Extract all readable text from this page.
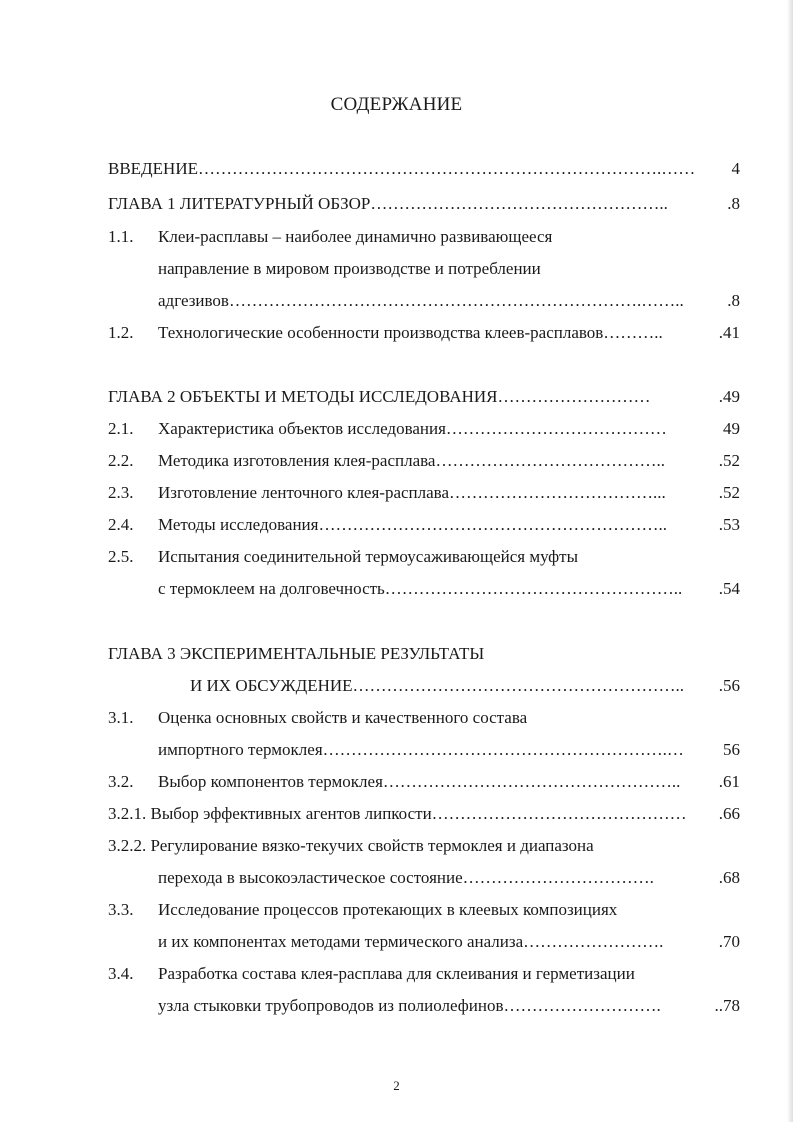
СОДЕРЖАНИЕ
ВВЕДЕНИЕ……………………………………………………………………….…… 4
ГЛАВА 1 ЛИТЕРАТУРНЫЙ ОБЗОР……………………………………………..	.8
1.1. Клеи-расплавы – наиболее динамично развивающееся
направление в мировом производстве и потреблении
адгезивов……………………………………………………………….……..	.8
1.2. Технологические особенности производства клеев-расплавов………..	.41
ГЛАВА 2 ОБЪЕКТЫ И МЕТОДЫ ИССЛЕДОВАНИЯ………………………	.49
2.1. Характеристика объектов исследования…………………………………	49
2.2. Методика изготовления клея-расплава…………………………………..	.52
2.3. Изготовление ленточного клея-расплава………………………………...	.52
2.4. Методы исследования……………………………………………………..	.53
2.5. Испытания соединительной термоусаживающейся муфты
с термоклеем на долговечность…………………………………………….. .54
ГЛАВА 3 ЭКСПЕРИМЕНТАЛЬНЫЕ РЕЗУЛЬТАТЫ
И ИХ ОБСУЖДЕНИЕ………………………………………………….. .56
3.1. Оценка основных свойств и качественного состава
импортного термоклея…………………………………………………….… 56
3.2. Выбор компонентов термоклея…………………………………………….. .61
3.2.1. Выбор эффективных агентов липкости……………………………………… .66
3.2.2. Регулирование вязко-текучих свойств термоклея и диапазона
перехода в высокоэластическое состояние…………………………….	.68
3.3. Исследование процессов протекающих в клеевых композициях
и их компонентах методами термического анализа…………………….	.70
3.4. Разработка состава клея-расплава для склеивания и герметизации
узла стыковки трубопроводов из полиолефинов……………………….	..78
2
